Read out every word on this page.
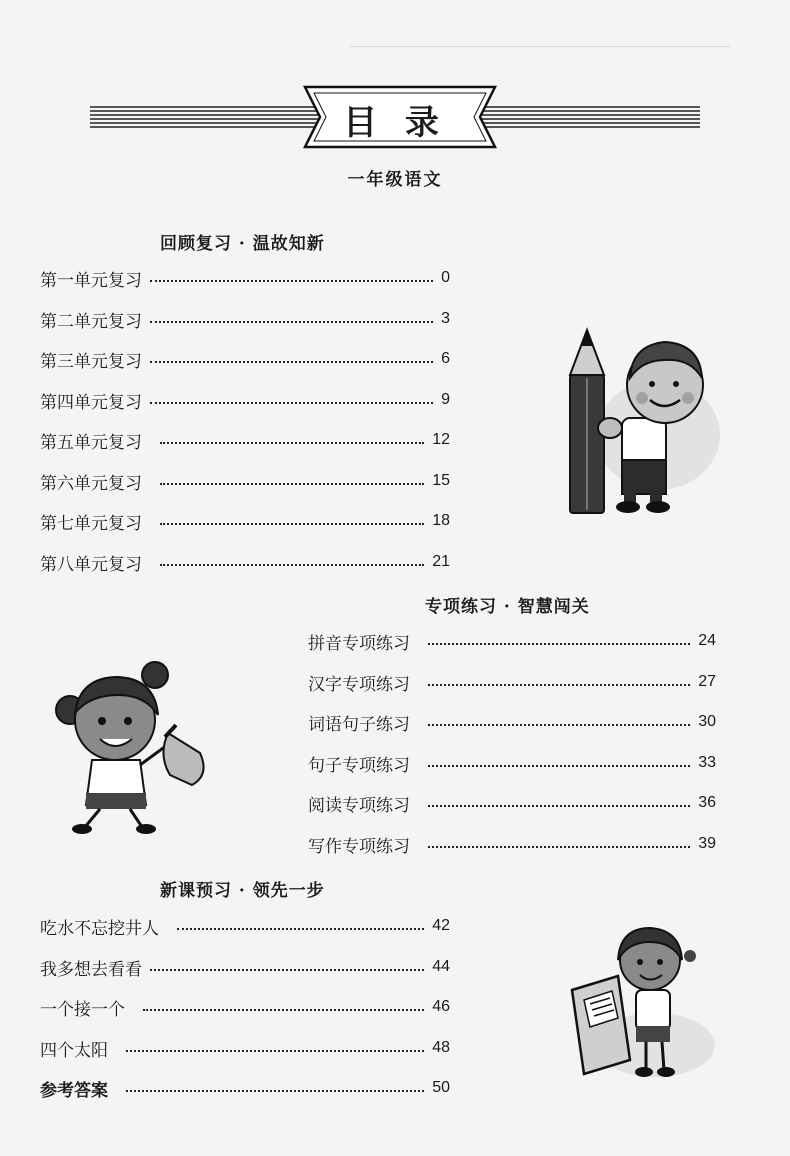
目 录
一年级语文
回顾复习 · 温故知新
第一单元复习	0
第二单元复习	3
第三单元复习	6
第四单元复习	9
第五单元复习	12
第六单元复习	15
第七单元复习	18
第八单元复习	21
专项练习 · 智慧闯关
拼音专项练习	24
汉字专项练习	27
词语句子练习	30
句子专项练习	33
阅读专项练习	36
写作专项练习	39
新课预习 · 领先一步
吃水不忘挖井人	42
我多想去看看	44
一个接一个	46
四个太阳	48
参考答案	50
